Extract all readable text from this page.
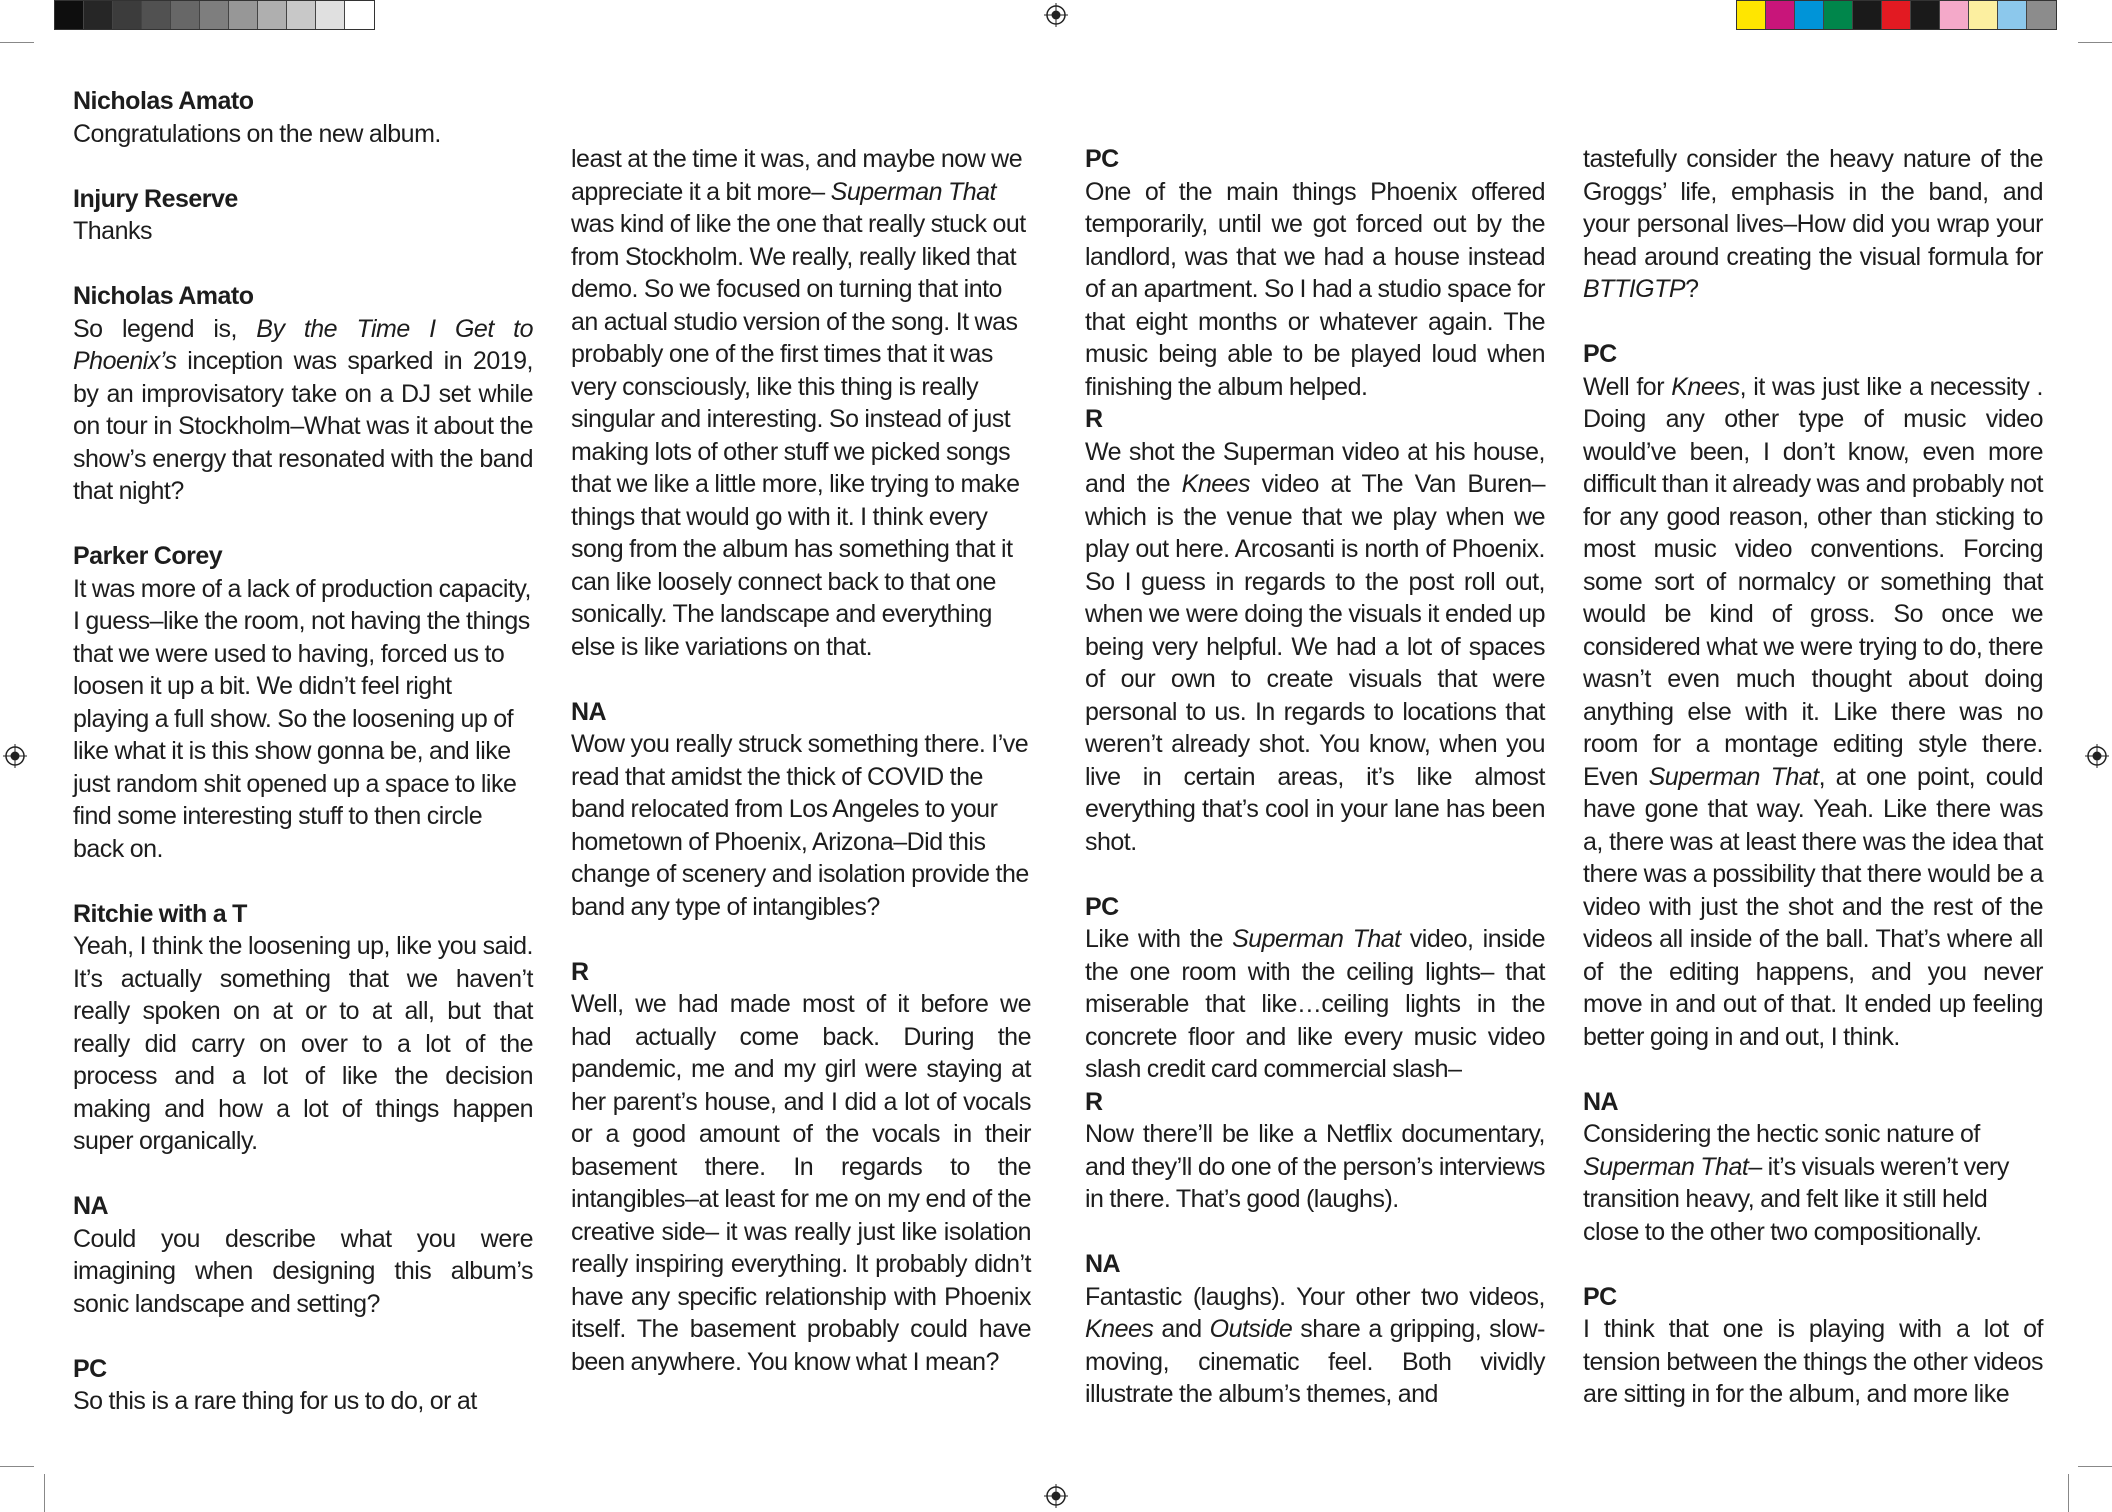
Nicholas Amato

Congratulations on the new album.

Injury Reserve

Thanks

Nicholas Amato

So legend is, By the Time I Get to Phoenix’s inception was sparked in 2019, by an improvisatory take on a DJ set while on tour in Stockholm–What was it about the show’s energy that resonated with the band that night?

Parker Corey

It was more of a lack of production capacity, I guess–like the room, not having the things that we were used to having, forced us to loosen it up a bit. We didn’t feel right playing a full show. So the loosening up of like what it is this show gonna be, and like just random shit opened up a space to like find some interesting stuff to then circle back on.

Ritchie with a T

Yeah, I think the loosening up, like you said. It’s actually something that we haven’t really spoken on at or to at all, but that really did carry on over to a lot of the process and a lot of like the decision making and how a lot of things happen super organically.

NA

Could you describe what you were imagining when designing this album’s sonic landscape and setting?

PC

So this is a rare thing for us to do, or at

least at the time it was, and maybe now we appreciate it a bit more– Superman That was kind of like the one that really stuck out from Stockholm. We really, really liked that demo. So we focused on turning that into an actual studio version of the song. It was probably one of the first times that it was very consciously, like this thing is really singular and interesting. So instead of just making lots of other stuff we picked songs that we like a little more, like trying to make things that would go with it. I think every song from the album has something that it can like loosely connect back to that one sonically. The landscape and everything else is like variations on that.

NA

Wow you really struck something there. I’ve read that amidst the thick of COVID the band relocated from Los Angeles to your hometown of Phoenix, Arizona–Did this change of scenery and isolation provide the band any type of intangibles?

R

Well, we had made most of it before we had actually come back. During the pandemic, me and my girl were staying at her parent’s house, and I did a lot of vocals or a good amount of the vocals in their basement there. In regards to the intangibles–at least for me on my end of the creative side– it was really just like isolation really inspiring everything. It probably didn’t have any specific relationship with Phoenix itself. The basement probably could have been anywhere. You know what I mean?

PC

One of the main things Phoenix offered temporarily, until we got forced out by the landlord, was that we had a house instead of an apartment. So I had a studio space for that eight months or whatever again. The music being able to be played loud when finishing the album helped.

R

We shot the Superman video at his house, and the Knees video at The Van Buren–which is the venue that we play when we play out here. Arcosanti is north of Phoenix. So I guess in regards to the post roll out, when we were doing the visuals it ended up being very helpful. We had a lot of spaces of our own to create visuals that were personal to us. In regards to locations that weren’t already shot. You know, when you live in certain areas, it’s like almost everything that’s cool in your lane has been shot.

PC

Like with the Superman That video, inside the one room with the ceiling lights– that miserable that like…ceiling lights in the concrete floor and like every music video slash credit card commercial slash–

R

Now there’ll be like a Netflix documentary, and they’ll do one of the person’s interviews in there. That’s good (laughs).

NA

Fantastic (laughs). Your other two videos, Knees and Outside share a gripping, slow-moving, cinematic feel. Both vividly illustrate the album’s themes, and

tastefully consider the heavy nature of the Groggs’ life, emphasis in the band, and your personal lives–How did you wrap your head around creating the visual formula for BTTIGTP?

PC

Well for Knees, it was just like a necessity . Doing any other type of music video would’ve been, I don’t know, even more difficult than it already was and probably not for any good reason, other than sticking to most music video conventions. Forcing some sort of normalcy or something that would be kind of gross. So once we considered what we were trying to do, there wasn’t even much thought about doing anything else with it. Like there was no room for a montage editing style there. Even Superman That, at one point, could have gone that way. Yeah. Like there was a, there was at least there was the idea that there was a possibility that there would be a video with just the shot and the rest of the videos all inside of the ball. That’s where all of the editing happens, and you never move in and out of that. It ended up feeling better going in and out, I think.

NA

Considering the hectic sonic nature of Superman That– it’s visuals weren’t very transition heavy, and felt like it still held close to the other two compositionally.

PC

I think that one is playing with a lot of tension between the things the other videos are sitting in for the album, and more like
